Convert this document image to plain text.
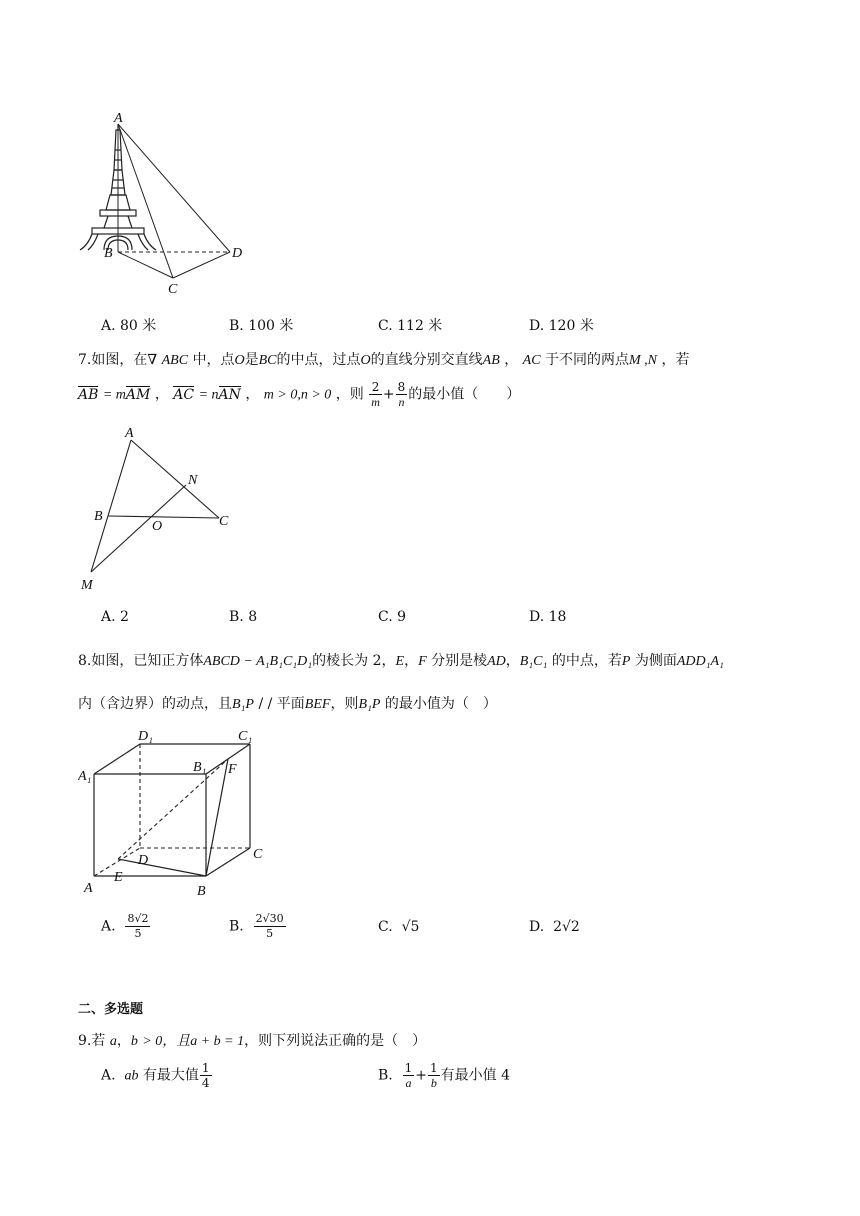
A
B
C
D
A. 80 米	B. 100 米	C. 112 米	D. 120 米
7.如图，在∇ ABC 中，点O是BC的中点，过点O的直线分别交直线AB ， AC 于不同的两点M ,N ，若
AB = mAM ， AC = nAN ， m > 0,n > 0 ，则 $\frac{2}{m} + \frac{8}{n}$ 的最小值（　　）
A
N
B
O	C
M
A. 2	B. 8	C. 9	D. 18
8.如图，已知正方体ABCD − A₁B₁C₁D₁的棱长为 2，E，F 分别是棱AD，B₁C₁ 的中点，若P 为侧面ADD₁A₁
内（含边界）的动点，且B₁P / / 平面BEF，则B₁P 的最小值为（　）
A	B
C
D
A₁
B₁
C₁
D₁
E
F
A. $\frac{8√2}{5}$	B. $\frac{2√30}{5}$	C. √5	D. 2√2
二、多选题
9.若 a，b > 0，且a + b = 1，则下列说法正确的是（　）
A. ab 有最大值 $\frac{1}{4}$	B. $\frac{1}{a} + \frac{1}{b}$ 有最小值 4
